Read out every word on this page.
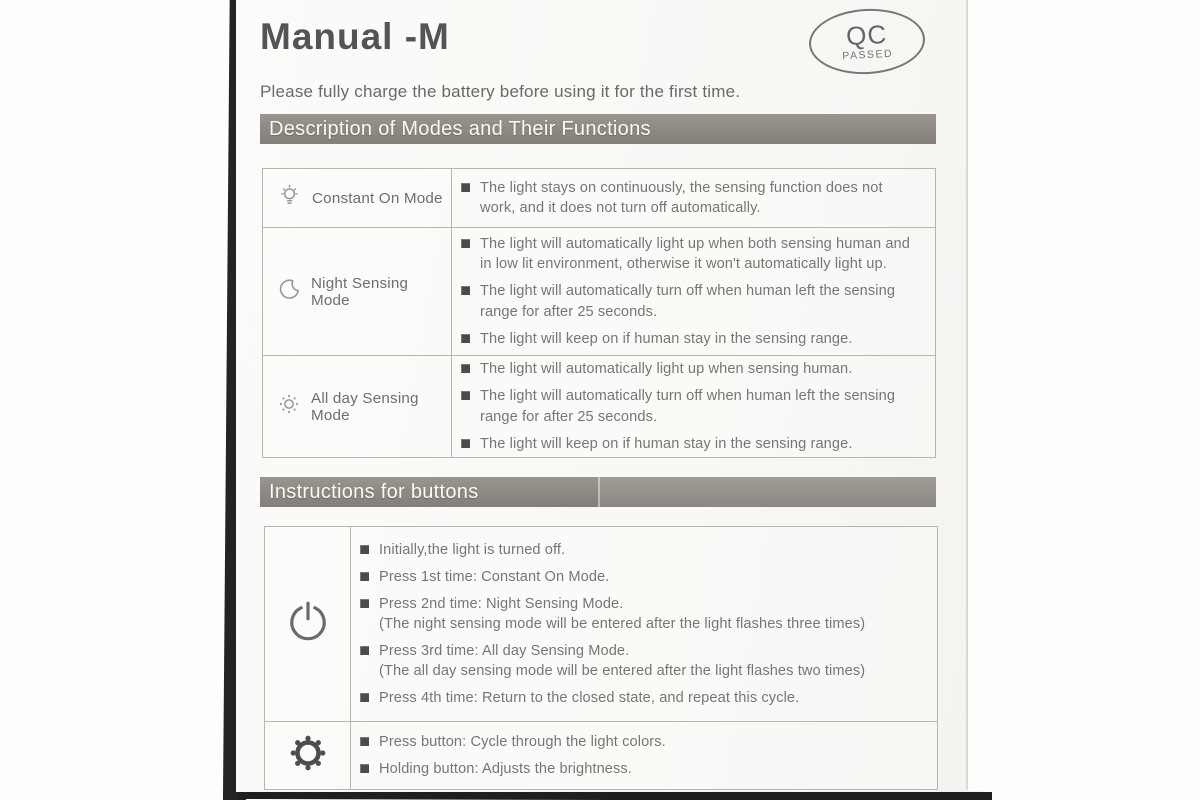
Manual -M	QC
PASSED
Please fully charge the battery before using it for the first time.
Description of Modes and Their Functions
Constant On Mode
The light stays on continuously, the sensing function does not work, and it does not turn off automatically.
Night Sensing Mode
The light will automatically light up when both sensing human and in low lit environment, otherwise it won't automatically light up.
The light will automatically turn off when human left the sensing range for after 25 seconds.
The light will keep on if human stay in the sensing range.
All day Sensing Mode
The light will automatically light up when sensing human.
The light will automatically turn off when human left the sensing range for after 25 seconds.
The light will keep on if human stay in the sensing range.
Instructions for buttons
Initially,the light is turned off.
Press 1st time: Constant On Mode.
Press 2nd time: Night Sensing Mode.
(The night sensing mode will be entered after the light flashes three times)
Press 3rd time: All day Sensing Mode.
(The all day sensing mode will be entered after the light flashes two times)
Press 4th time: Return to the closed state, and repeat this cycle.
Press button: Cycle through the light colors.
Holding button: Adjusts the brightness.
